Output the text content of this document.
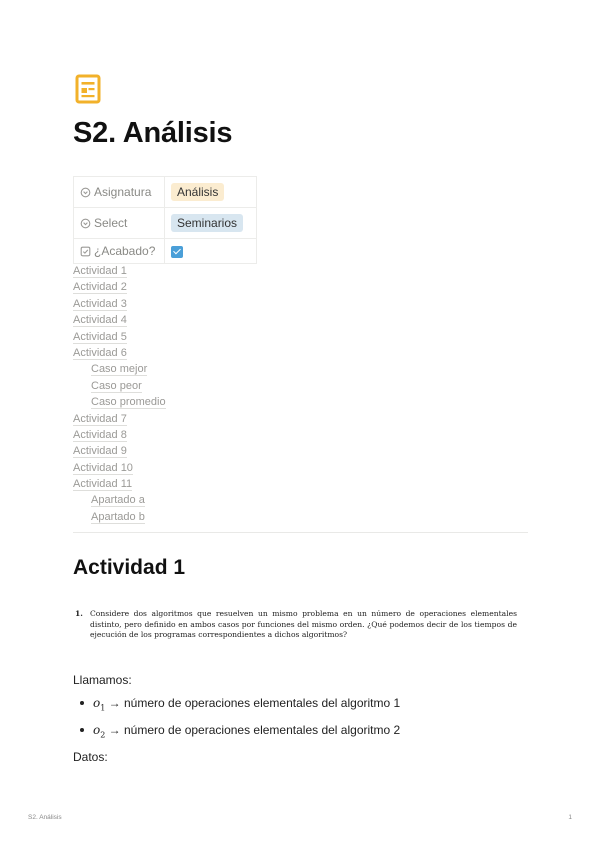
S2. Análisis
Asignatura	Análisis
Select	Seminarios
¿Acabado?	
Actividad 1
Actividad 2
Actividad 3
Actividad 4
Actividad 5
Actividad 6
Caso mejor
Caso peor
Caso promedio
Actividad 7
Actividad 8
Actividad 9
Actividad 10
Actividad 11
Apartado a
Apartado b
Actividad 1
1. Considere dos algoritmos que resuelven un mismo problema en un número de operaciones elementales distinto, pero definido en ambos casos por funciones del mismo orden. ¿Qué podemos decir de los tiempos de ejecución de los programas correspondientes a dichos algoritmos?

Llamamos:

$o_1$ → número de operaciones elementales del algoritmo 1
$o_2$ → número de operaciones elementales del algoritmo 2

Datos:

S2. Análisis	1
